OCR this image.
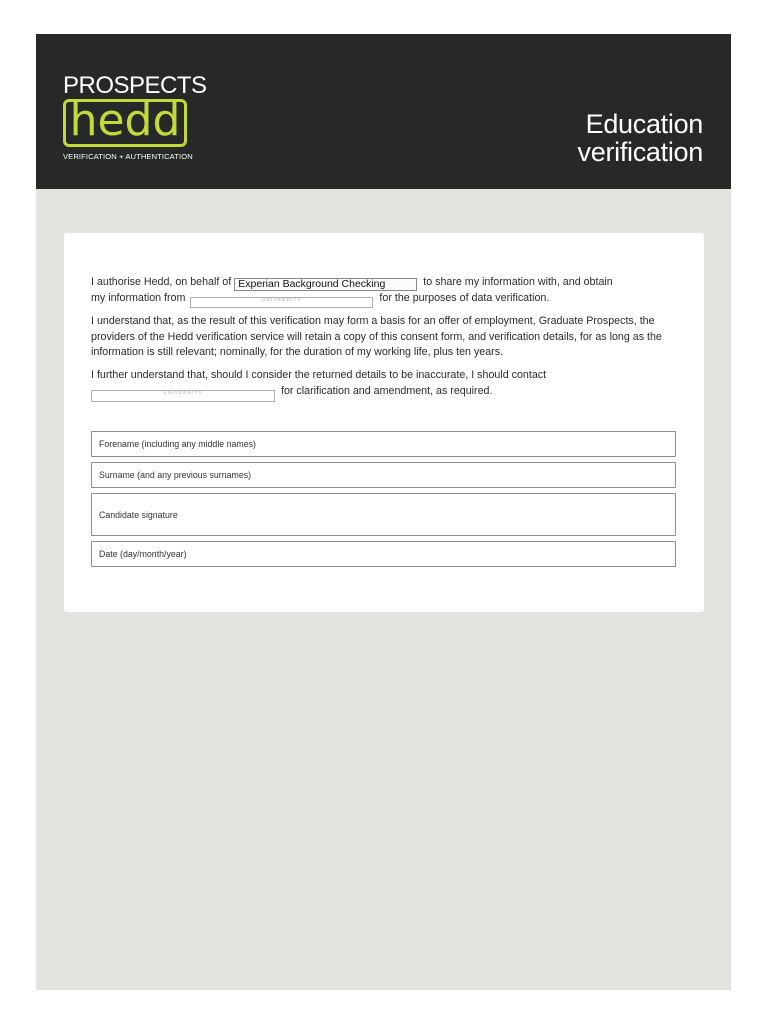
PROSPECTS
hedd
VERIFICATION + AUTHENTICATION
Education
verification

I authorise Hedd, on behalf of Experian Background Checking	to share my information with, and obtain
my information from	UNIVERSITY	for the purposes of data verification.

I understand that, as the result of this verification may form a basis for an offer of employment, Graduate Prospects, the providers of the Hedd verification service will retain a copy of this consent form, and verification details, for as long as the information is still relevant; nominally, for the duration of my working life, plus ten years.

I further understand that, should I consider the returned details to be inaccurate, I should contact
UNIVERSITY	for clarification and amendment, as required.

Forename (including any middle names)
Surname (and any previous surnames)
Candidate signature
Date (day/month/year)
